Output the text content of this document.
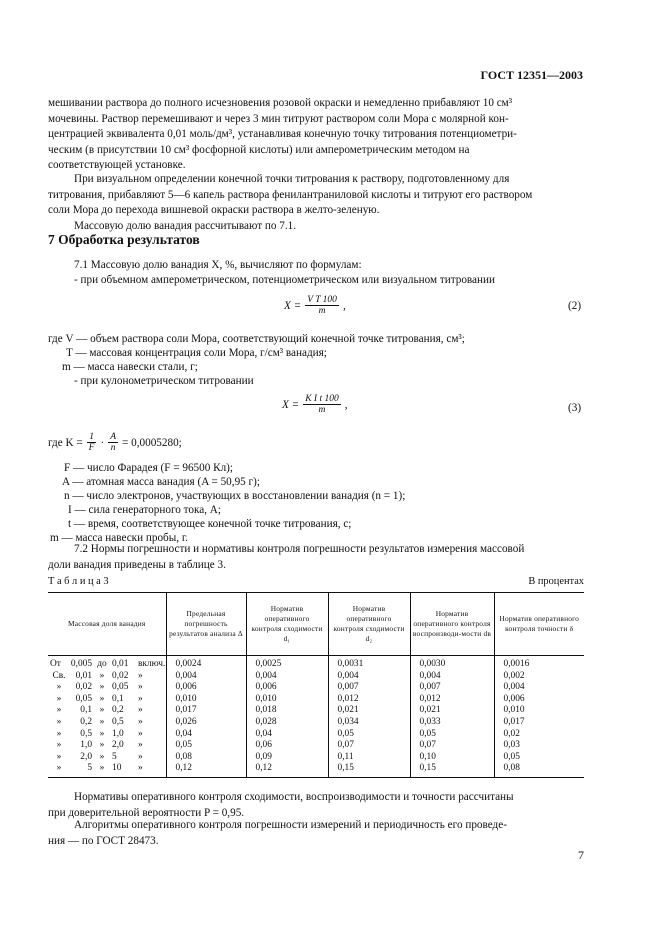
ГОСТ 12351—2003
мешивании раствора до полного исчезновения розовой окраски и немедленно прибавляют 10 см³
мочевины. Раствор перемешивают и через 3 мин титруют раствором соли Мора с молярной кон-
центрацией эквивалента 0,01 моль/дм³, устанавливая конечную точку титрования потенциометри-
ческим (в присутствии 10 см³ фосфорной кислоты) или амперометрическим методом на
соответствующей установке.
При визуальном определении конечной точки титрования к раствору, подготовленному для
титрования, прибавляют 5—6 капель раствора фенилантраниловой кислоты и титруют его раствором
соли Мора до перехода вишневой окраски раствора в желто-зеленую.
Массовую долю ванадия рассчитывают по 7.1.
7 Обработка результатов
7.1 Массовую долю ванадия X, %, вычисляют по формулам:
- при объемном амперометрическом, потенциометрическом или визуальном титровании
$X = \frac{\text{V T 100}}{m}$ ,	(2)
где V — объем раствора соли Мора, соответствующий конечной точке титрования, см³;
T — массовая концентрация соли Мора, г/см³ ванадия;
m — масса навески стали, г;
- при кулонометрическом титровании
$X = \frac{\text{K I t 100}}{m}$ ,	(3)
где $K = \frac{1}{F} \cdot \frac{A}{n} = 0,0005280$;
F — число Фарадея (F = 96500 Кл);
A — атомная масса ванадия (A = 50,95 г);
n — число электронов, участвующих в восстановлении ванадия (n = 1);
I — сила генераторного тока, А;
t — время, соответствующее конечной точке титрования, с;
m — масса навески пробы, г.
7.2 Нормы погрешности и нормативы контроля погрешности результатов измерения массовой
доли ванадия приведены в таблице 3.
Т а б л и ц а 3	В процентах
Массовая доля ванадия	Предельная погрешность результатов анализа Δ	Норматив оперативного контроля сходимости d₁	Норматив оперативного контроля сходимости d₂	Норматив оперативного контроля воспроизводи-мости dв	Норматив оперативного контроля точности δ
От 0,005 до 0,01 включ.	0,0024	0,0025	0,0031	0,0030	0,0016
Св. 0,01 » 0,02 »	0,004	0,004	0,004	0,004	0,002
» 0,02 » 0,05 »	0,006	0,006	0,007	0,007	0,004
» 0,05 » 0,1 »	0,010	0,010	0,012	0,012	0,006
» 0,1 » 0,2 »	0,017	0,018	0,021	0,021	0,010
» 0,2 » 0,5 »	0,026	0,028	0,034	0,033	0,017
» 0,5 » 1,0 »	0,04	0,04	0,05	0,05	0,02
» 1,0 » 2,0 »	0,05	0,06	0,07	0,07	0,03
» 2,0 » 5 »	0,08	0,09	0,11	0,10	0,05
» 5 » 10 »	0,12	0,12	0,15	0,15	0,08
Нормативы оперативного контроля сходимости, воспроизводимости и точности рассчитаны
при доверительной вероятности P = 0,95.
Алгоритмы оперативного контроля погрешности измерений и периодичность его проведе-
ния — по ГОСТ 28473.
7
